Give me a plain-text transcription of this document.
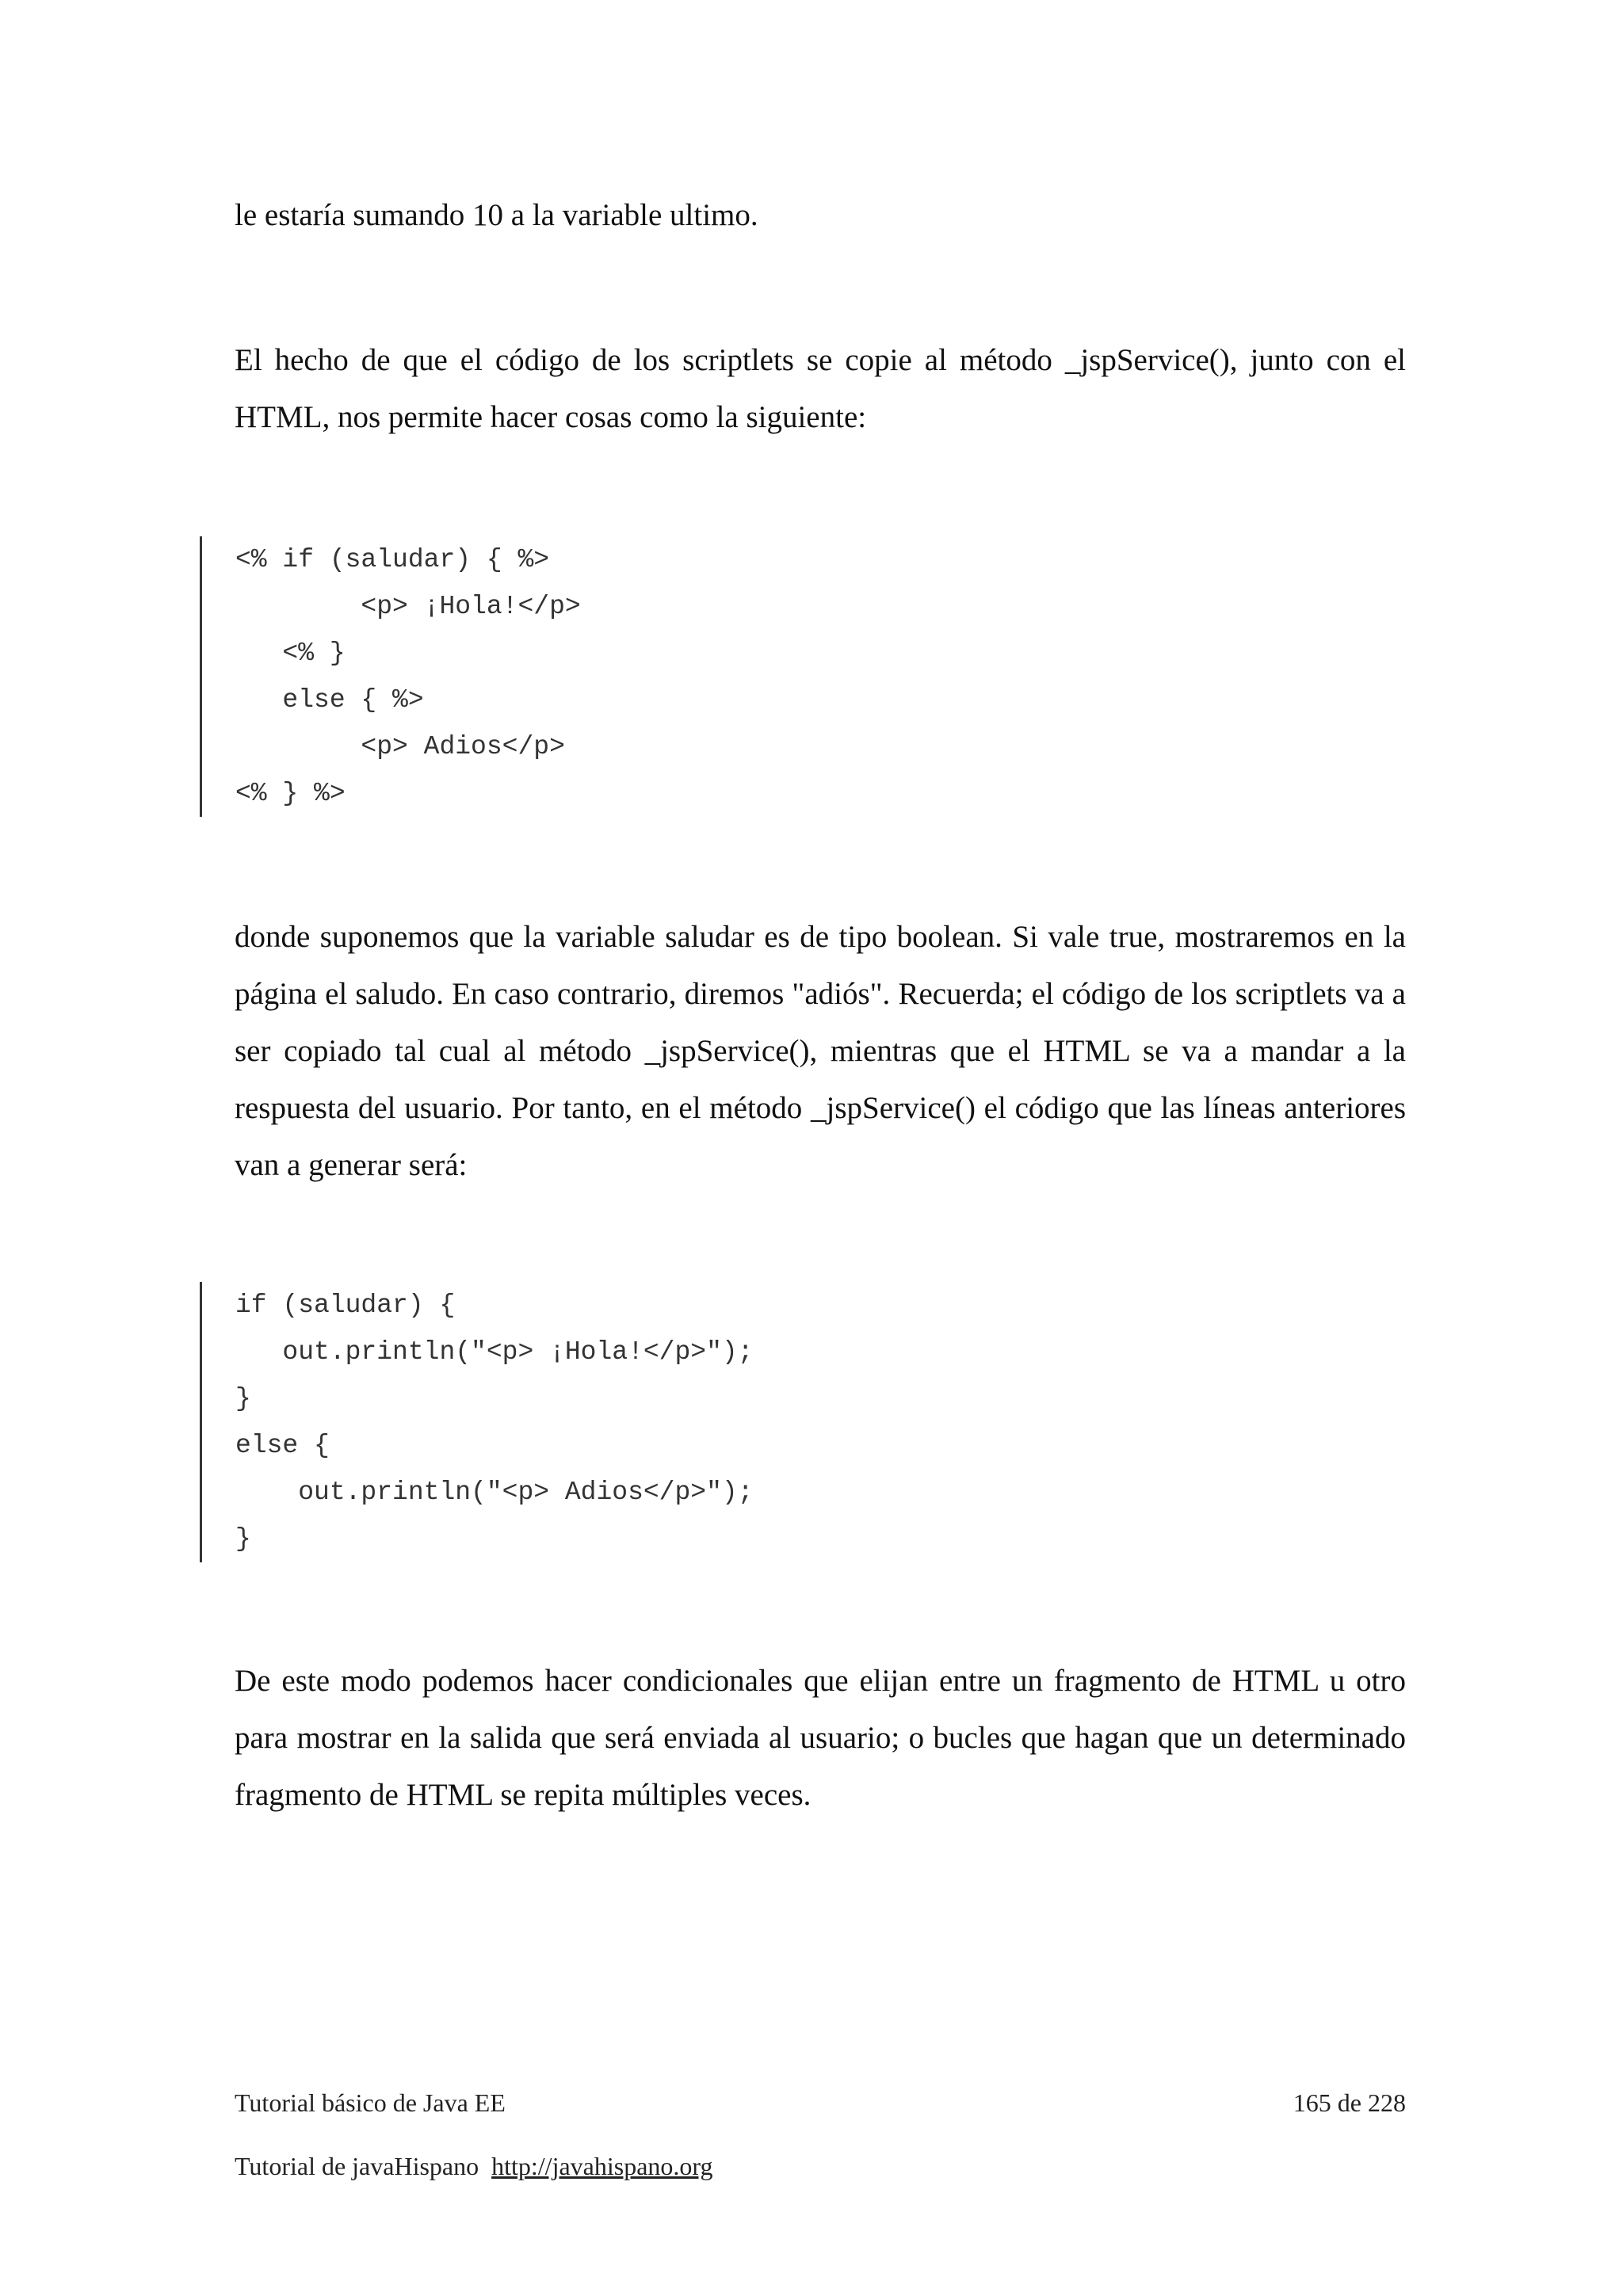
le estaría sumando 10 a la variable ultimo.

El hecho de que el código de los scriptlets se copie al método _jspService(), junto con el HTML, nos permite hacer cosas como la siguiente:

<% if (saludar) { %>
<p> ¡Hola!</p>
<% }
else { %>
<p> Adios</p>
<% } %>

donde suponemos que la variable saludar es de tipo boolean. Si vale true, mostraremos en la página el saludo. En caso contrario, diremos "adiós". Recuerda; el código de los scriptlets va a ser copiado tal cual al método _jspService(), mientras que el HTML se va a mandar a la respuesta del usuario. Por tanto, en el método _jspService() el código que las líneas anteriores van a generar será:

if (saludar) {
out.println("<p> ¡Hola!</p>");
}
else {
out.println("<p> Adios</p>");
}

De este modo podemos hacer condicionales que elijan entre un fragmento de HTML u otro para mostrar en la salida que será enviada al usuario; o bucles que hagan que un determinado fragmento de HTML se repita múltiples veces.

Tutorial básico de Java EE	165 de 228
Tutorial de javaHispano http://javahispano.org
